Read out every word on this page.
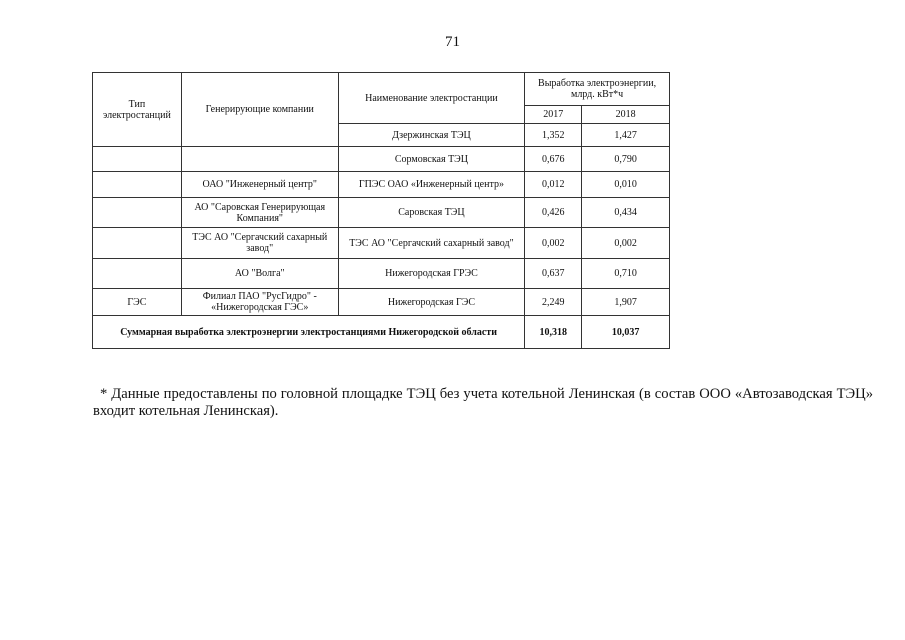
71
Тип электростанций	Генерирующие компании	Наименование электростанции	Выработка электроэнергии, млрд. кВт*ч	
			2017	2018
		Дзержинская ТЭЦ	1,352	1,427
		Сормовская ТЭЦ	0,676	0,790
	ОАО "Инженерный центр"	ГПЭС ОАО «Инженерный центр»	0,012	0,010
	АО "Саровская Генерирующая Компания"	Саровская ТЭЦ	0,426	0,434
	ТЭС АО "Сергачский сахарный завод"	ТЭС АО "Сергачский сахарный завод"	0,002	0,002
	АО "Волга"	Нижегородская ГРЭС	0,637	0,710
ГЭС	Филиал ПАО "РусГидро" - «Нижегородская ГЭС»	Нижегородская ГЭС	2,249	1,907
Суммарная выработка электроэнергии электростанциями Нижегородской области			10,318	10,037

* Данные предоставлены по головной площадке ТЭЦ без учета котельной Ленинская (в состав ООО «Автозаводская ТЭЦ» входит котельная Ленинская).
